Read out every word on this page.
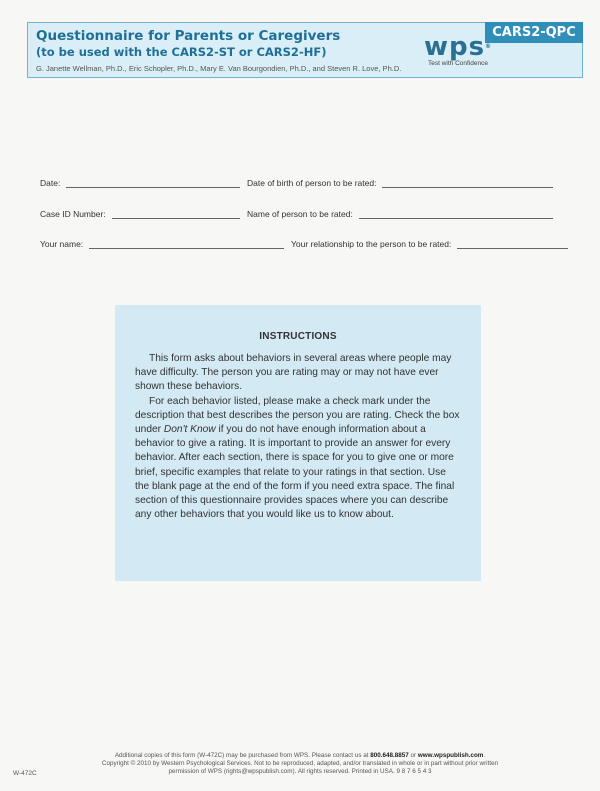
Questionnaire for Parents or Caregivers
(to be used with the CARS2-ST or CARS2-HF)
G. Janette Wellman, Ph.D., Eric Schopler, Ph.D., Mary E. Van Bourgondien, Ph.D., and Steven R. Love, Ph.D.
wps®
Test with Confidence
CARS2-QPC
Date:	Date of birth of person to be rated:
Case ID Number:	Name of person to be rated:
Your name:	Your relationship to the person to be rated:
INSTRUCTIONS

This form asks about behaviors in several areas where people may have difficulty. The person you are rating may or may not have ever shown these behaviors.

For each behavior listed, please make a check mark under the description that best describes the person you are rating. Check the box under Don't Know if you do not have enough information about a behavior to give a rating. It is important to provide an answer for every behavior. After each section, there is space for you to give one or more brief, specific examples that relate to your ratings in that section. Use the blank page at the end of the form if you need extra space. The final section of this questionnaire provides spaces where you can describe any other behaviors that you would like us to know about.

Additional copies of this form (W-472C) may be purchased from WPS. Please contact us at 800.648.8857 or www.wpspublish.com.
Copyright © 2010 by Western Psychological Services. Not to be reproduced, adapted, and/or translated in whole or in part without prior written
permission of WPS (rights@wpspublish.com). All rights reserved. Printed in USA. 9 8 7 6 5 4 3
W-472C
